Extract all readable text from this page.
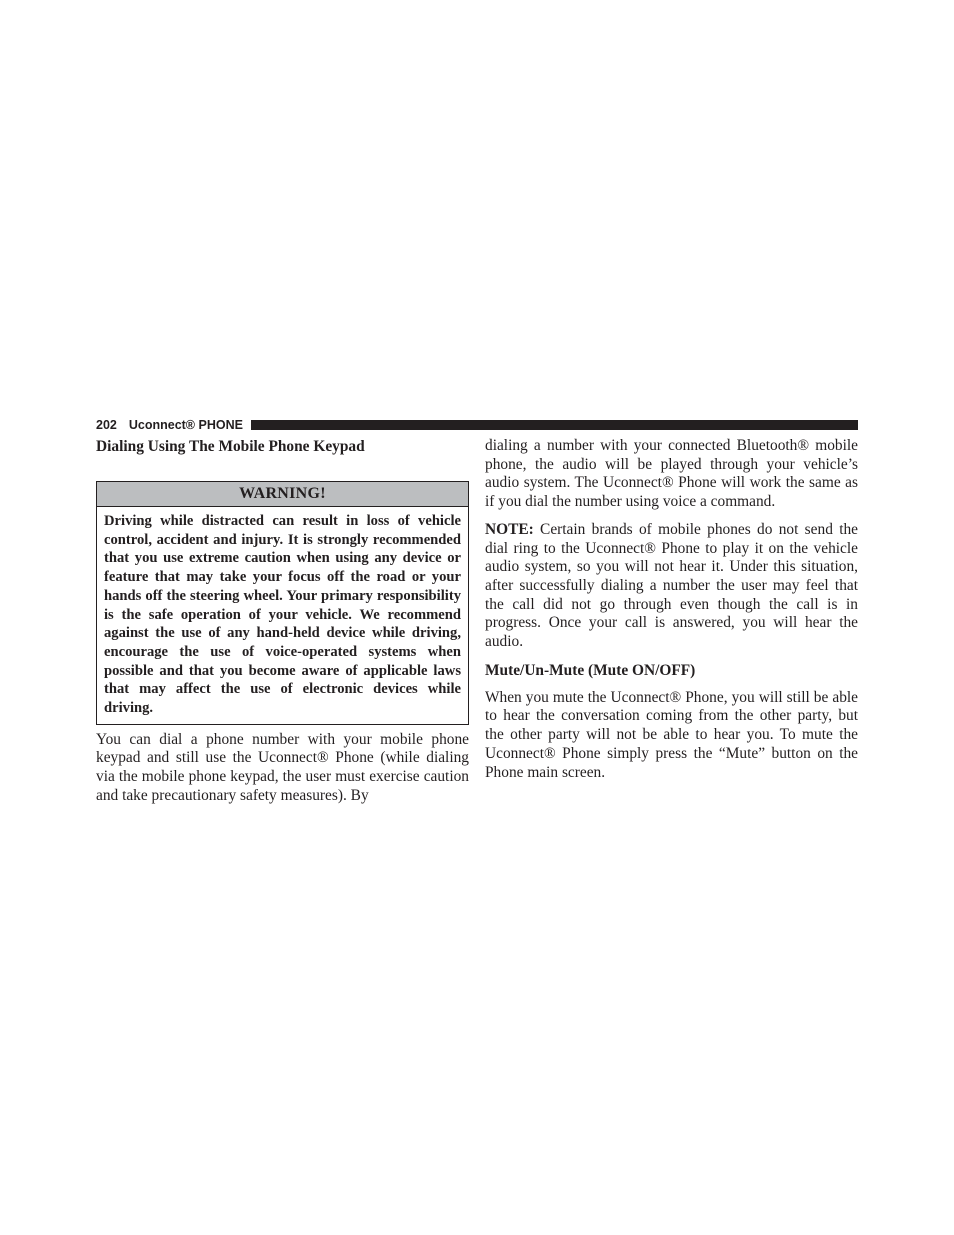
202 Uconnect® PHONE
Dialing Using The Mobile Phone Keypad
WARNING!
Driving while distracted can result in loss of vehicle control, accident and injury. It is strongly recommended that you use extreme caution when using any device or feature that may take your focus off the road or your hands off the steering wheel. Your primary responsibility is the safe operation of your vehicle. We recommend against the use of any hand-held device while driving, encourage the use of voice-operated systems when possible and that you become aware of applicable laws that may affect the use of electronic devices while driving.

You can dial a phone number with your mobile phone keypad and still use the Uconnect® Phone (while dialing via the mobile phone keypad, the user must exercise caution and take precautionary safety measures). By

dialing a number with your connected Bluetooth® mobile phone, the audio will be played through your vehicle’s audio system. The Uconnect® Phone will work the same as if you dial the number using voice a command.

NOTE: Certain brands of mobile phones do not send the dial ring to the Uconnect® Phone to play it on the vehicle audio system, so you will not hear it. Under this situation, after successfully dialing a number the user may feel that the call did not go through even though the call is in progress. Once your call is answered, you will hear the audio.

Mute/Un-Mute (Mute ON/OFF)

When you mute the Uconnect® Phone, you will still be able to hear the conversation coming from the other party, but the other party will not be able to hear you. To mute the Uconnect® Phone simply press the “Mute” button on the Phone main screen.
